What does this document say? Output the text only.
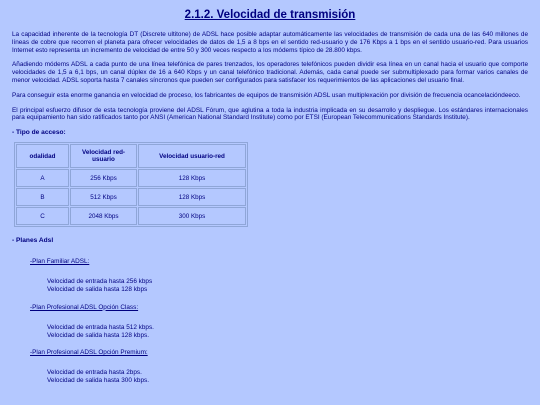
2.1.2. Velocidad de transmisión

La capacidad inherente de la tecnología DT (Discrete ultitone) de ADSL hace posible adaptar automáticamente las velocidades de transmisión de cada una de las 640 millones de líneas de cobre que recorren el planeta para ofrecer velocidades de datos de 1,5 a 8 bps en el sentido red-usuario y de 176 Kbps a 1 bps en el sentido usuario-red. Para usuarios Internet esto representa un incremento de velocidad de entre 50 y 300 veces respecto a los módems típico de 28.800 kbps.

Añadiendo módems ADSL a cada punto de una línea telefónica de pares trenzados, los operadores telefónicos pueden dividir esa línea en un canal hacia el usuario que comporte velocidades de 1,5 a 6,1 bps, un canal dúplex de 16 a 640 Kbps y un canal telefónico tradicional. Además, cada canal puede ser submultiplexado para formar varios canales de menor velocidad. ADSL soporta hasta 7 canales síncronos que pueden ser configurados para satisfacer los requerimientos de las aplicaciones del usuario final.

Para conseguir esta enorme ganancia en velocidad de proceso, los fabricantes de equipos de transmisión ADSL usan multiplexación por división de frecuencia ocancelacióndeeco.

El principal esfuerzo difusor de esta tecnología proviene del ADSL Fórum, que aglutina a toda la industria implicada en su desarrollo y despliegue. Los estándares internacionales para equipamiento han sido ratificados tanto por ANSI (American National Standard Institute) como por ETSI (European Telecommunications Standards Institute).

- Tipo de acceso:
odalidad	Velocidad red-usuario	Velocidad usuario-red
A	256 Kbps	128 Kbps
B	512 Kbps	128 Kbps
C	2048 Kbps	300 Kbps
- Planes Adsl
-Plan Familiar ADSL:
Velocidad de entrada hasta 256 kbps
Velocidad de salida hasta 128 kbps
-Plan Profesional ADSL Opción Class:
Velocidad de entrada hasta 512 kbps.
Velocidad de salida hasta 128 kbps.
-Plan Profesional ADSL Opción Premium:
Velocidad de entrada hasta 2bps.
Velocidad de salida hasta 300 kbps.
